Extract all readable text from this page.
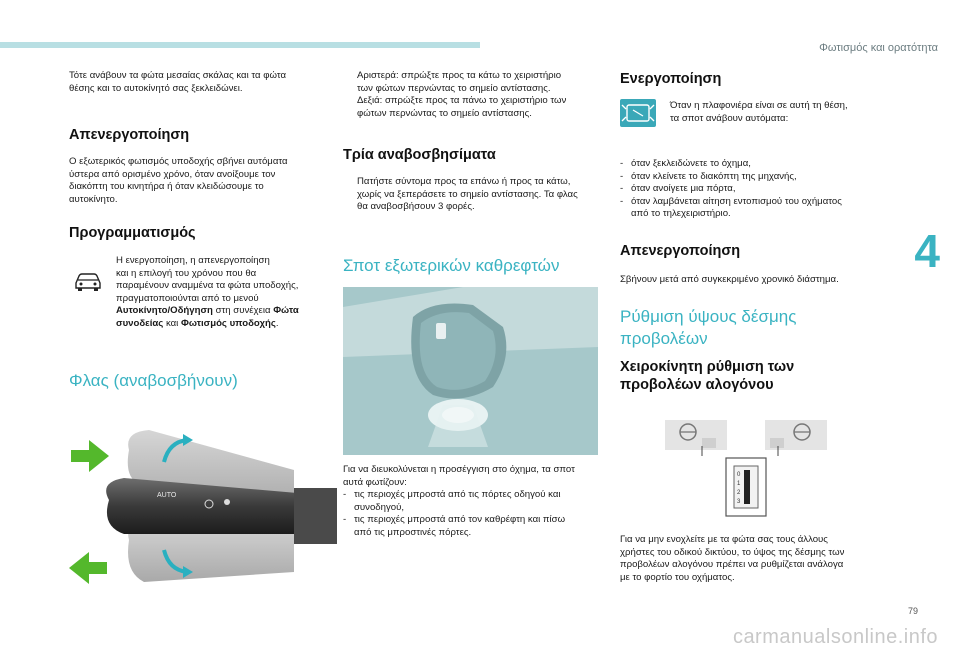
Φωτισμός και ορατότητα
4
Τότε ανάβουν τα φώτα μεσαίας σκάλας και τα φώτα
θέσης και το αυτοκίνητό σας ξεκλειδώνει.
Απενεργοποίηση
Ο εξωτερικός φωτισμός υποδοχής σβήνει αυτόματα
ύστερα από ορισμένο χρόνο, όταν ανοίξουμε τον
διακόπτη του κινητήρα ή όταν κλειδώσουμε το
αυτοκίνητο.
Προγραμματισμός
Η ενεργοποίηση, η απενεργοποίηση
και η επιλογή του χρόνου που θα
παραμένουν αναμμένα τα φώτα υποδοχής,
πραγματοποιούνται από το μενού
Αυτοκίνητο/Οδήγηση στη συνέχεια Φώτα
συνοδείας και Φωτισμός υποδοχής.
Φλας (αναβοσβήνουν)
AUTO
Αριστερά: σπρώξτε προς τα κάτω το χειριστήριο
των φώτων περνώντας το σημείο αντίστασης.
Δεξιά: σπρώξτε προς τα πάνω το χειριστήριο των
φώτων περνώντας το σημείο αντίστασης.
Τρία αναβοσβησίματα
Πατήστε σύντομα προς τα επάνω ή προς τα κάτω,
χωρίς να ξεπεράσετε το σημείο αντίστασης. Τα φλας
θα αναβοσβήσουν 3 φορές.
Σποτ εξωτερικών καθρεφτών
Για να διευκολύνεται η προσέγγιση στο όχημα, τα σποτ
αυτά φωτίζουν:
- τις περιοχές μπροστά από τις πόρτες οδηγού και
συνοδηγού,
- τις περιοχές μπροστά από τον καθρέφτη και πίσω
από τις μπροστινές πόρτες.
Ενεργοποίηση
Όταν η πλαφονιέρα είναι σε αυτή τη θέση,
τα σποτ ανάβουν αυτόματα:
- όταν ξεκλειδώνετε το όχημα,
- όταν κλείνετε το διακόπτη της μηχανής,
- όταν ανοίγετε μια πόρτα,
- όταν λαμβάνεται αίτηση εντοπισμού του οχήματος
από το τηλεχειριστήριο.
Απενεργοποίηση
Σβήνουν μετά από συγκεκριμένο χρονικό διάστημα.
Ρύθμιση ύψους δέσμης
προβολέων
Χειροκίνητη ρύθμιση των
προβολέων αλογόνου
0
1
2
3
Για να μην ενοχλείτε με τα φώτα σας τους άλλους
χρήστες του οδικού δικτύου, το ύψος της δέσμης των
προβολέων αλογόνου πρέπει να ρυθμίζεται ανάλογα
με το φορτίο του οχήματος.
79
carmanualsonline.info
